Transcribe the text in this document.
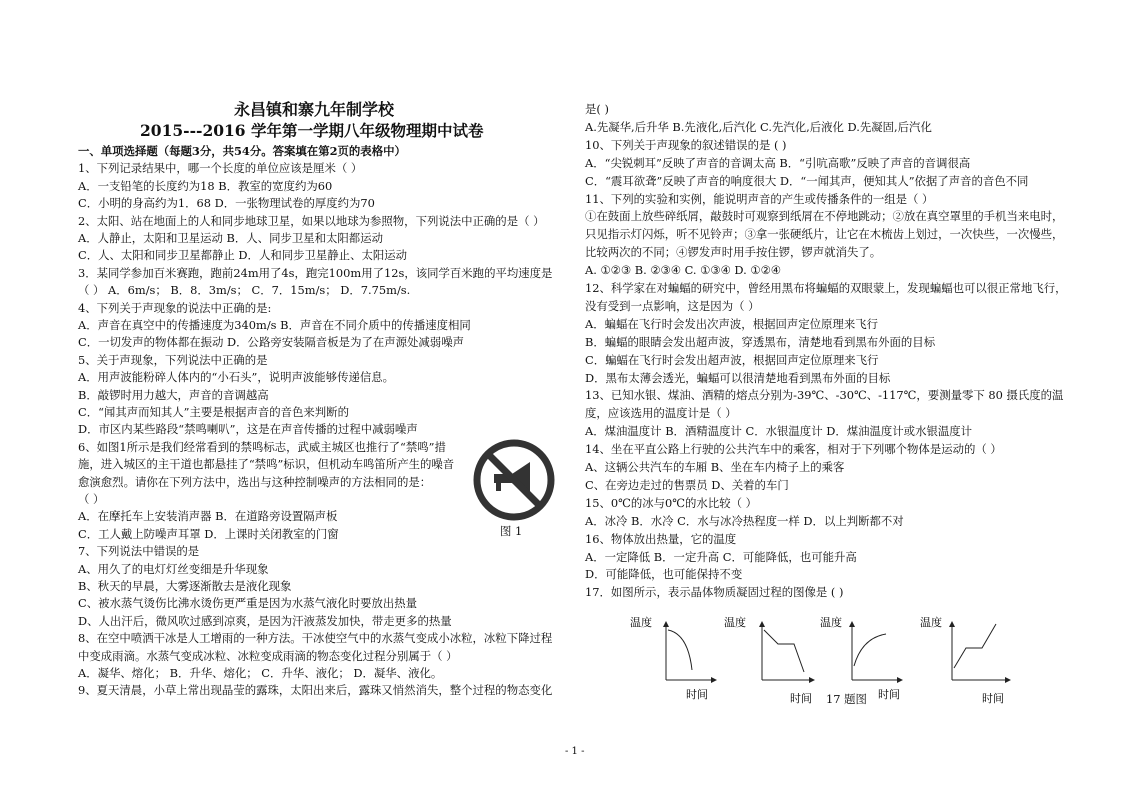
永昌镇和寨九年制学校
2015---2016 学年第一学期八年级物理期中试卷
一、单项选择题（每题3分，共54分。答案填在第2页的表格中）
1、下列记录结果中，哪一个长度的单位应该是厘米（ ）
A．一支铅笔的长度约为18 B．教室的宽度约为60
C．小明的身高约为1．68 D．一张物理试卷的厚度约为70
2、太阳、站在地面上的人和同步地球卫星，如果以地球为参照物，下列说法中正确的是（ ）
A．人静止，太阳和卫星运动 B．人、同步卫星和太阳都运动
C．人、太阳和同步卫星都静止 D．人和同步卫星静止、太阳运动
3．某同学参加百米赛跑，跑前24m用了4s，跑完100m用了12s，该同学百米跑的平均速度是
（ ） A．6m/s； B．8．3m/s； C．7．15m/s； D．7.75m/s.
4、下列关于声现象的说法中正确的是:
A．声音在真空中的传播速度为340m/s B．声音在不同介质中的传播速度相同
C．一切发声的物体都在振动 D．公路旁安装隔音板是为了在声源处减弱噪声
5、关于声现象，下列说法中正确的是
A．用声波能粉碎人体内的“小石头”，说明声波能够传递信息。
B．敲锣时用力越大，声音的音调越高
C．“闻其声而知其人”主要是根据声音的音色来判断的
D．市区内某些路段“禁鸣喇叭”，这是在声音传播的过程中减弱噪声
6、如图1所示是我们经常看到的禁鸣标志，武威主城区也推行了“禁鸣”措
施，进入城区的主干道也都悬挂了“禁鸣”标识，但机动车鸣笛所产生的噪音
愈演愈烈。请你在下列方法中，选出与这种控制噪声的方法相同的是：
（ ）
A．在摩托车上安装消声器 B．在道路旁设置隔声板
C．工人戴上防噪声耳罩 D．上课时关闭教室的门窗
7、下列说法中错误的是
A、用久了的电灯灯丝变细是升华现象
B、秋天的早晨，大雾逐渐散去是液化现象
C、被水蒸气烫伤比沸水烫伤更严重是因为水蒸气液化时要放出热量
D、人出汗后，微风吹过感到凉爽，是因为汗液蒸发加快，带走更多的热量
8、在空中喷洒干冰是人工增雨的一种方法。干冰使空气中的水蒸气变成小冰粒，冰粒下降过程
中变成雨滴。水蒸气变成冰粒、冰粒变成雨滴的物态变化过程分别属于（ ）
A．凝华、熔化； B．升华、熔化； C．升华、液化； D．凝华、液化。
9、夏天清晨，小草上常出现晶莹的露珠，太阳出来后，露珠又悄然消失，整个过程的物态变化
是( )
A.先凝华,后升华 B.先液化,后汽化 C.先汽化,后液化 D.先凝固,后汽化
10、下列关于声现象的叙述错误的是 ( )
A．“尖锐刺耳”反映了声音的音调太高 B．“引吭高歌”反映了声音的音调很高
C．“震耳欲聋”反映了声音的响度很大 D．“一闻其声，便知其人”依据了声音的音色不同
11、下列的实验和实例，能说明声音的产生或传播条件的一组是（ ）
①在鼓面上放些碎纸屑，敲鼓时可观察到纸屑在不停地跳动；②放在真空罩里的手机当来电时，
只见指示灯闪烁，听不见铃声；③拿一张硬纸片，让它在木梳齿上划过，一次快些，一次慢些，
比较两次的不同；④锣发声时用手按住锣，锣声就消失了。
A. ①②③ B. ②③④ C. ①③④ D. ①②④
12、科学家在对蝙蝠的研究中，曾经用黑布将蝙蝠的双眼蒙上，发现蝙蝠也可以很正常地飞行，
没有受到一点影响，这是因为（ ）
A．蝙蝠在飞行时会发出次声波，根据回声定位原理来飞行
B．蝙蝠的眼睛会发出超声波，穿透黑布，清楚地看到黑布外面的目标
C．蝙蝠在飞行时会发出超声波，根据回声定位原理来飞行
D．黑布太薄会透光，蝙蝠可以很清楚地看到黑布外面的目标
13、已知水银、煤油、酒精的熔点分别为-39℃、-30℃、-117℃，要测量零下 80 摄氏度的温
度，应该选用的温度计是（ ）
A．煤油温度计 B．酒精温度计 C．水银温度计 D．煤油温度计或水银温度计
14、坐在平直公路上行驶的公共汽车中的乘客，相对于下列哪个物体是运动的（ ）
A、这辆公共汽车的车厢 B、坐在车内椅子上的乘客
C、在旁边走过的售票员 D、关着的车门
15、0℃的冰与0℃的水比较（ ）
A．冰冷 B．水冷 C．水与冰冷热程度一样 D．以上判断都不对
16、物体放出热量，它的温度
A．一定降低 B．一定升高 C．可能降低，也可能升高
D．可能降低，也可能保持不变
17．如图所示，表示晶体物质凝固过程的图像是 ( )
图 1
温度
时间
温度
时间
温度
时间
温度
时间
17 题图
- 1 -
